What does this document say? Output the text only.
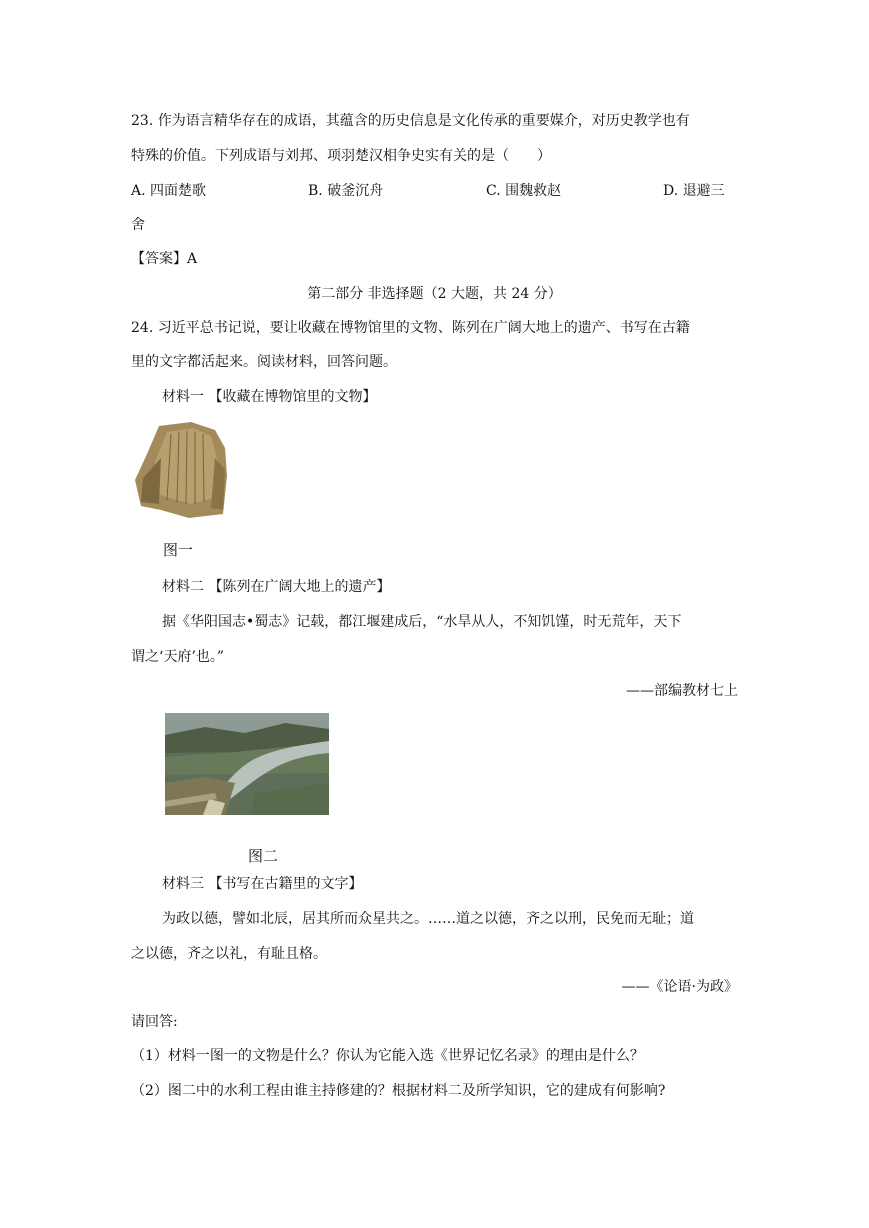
23. 作为语言精华存在的成语，其蕴含的历史信息是文化传承的重要媒介，对历史教学也有
特殊的价值。下列成语与刘邦、项羽楚汉相争史实有关的是（　　）
A. 四面楚歌	B. 破釜沉舟	C. 围魏救赵	D. 退避三
舍
【答案】A
第二部分 非选择题（2 大题，共 24 分）
24. 习近平总书记说，要让收藏在博物馆里的文物、陈列在广阔大地上的遗产、书写在古籍
里的文字都活起来。阅读材料，回答问题。
材料一 【收藏在博物馆里的文物】
图一
材料二 【陈列在广阔大地上的遗产】
据《华阳国志•蜀志》记载，都江堰建成后，“水旱从人，不知饥馑，时无荒年，天下
谓之‘天府’也。”
——部编教材七上
图二
材料三 【书写在古籍里的文字】
为政以德，譬如北辰，居其所而众星共之。……道之以德，齐之以刑，民免而无耻；道
之以德，齐之以礼，有耻且格。
——《论语·为政》
请回答:
（1）材料一图一的文物是什么？你认为它能入选《世界记忆名录》的理由是什么？
（2）图二中的水利工程由谁主持修建的？根据材料二及所学知识，它的建成有何影响?
